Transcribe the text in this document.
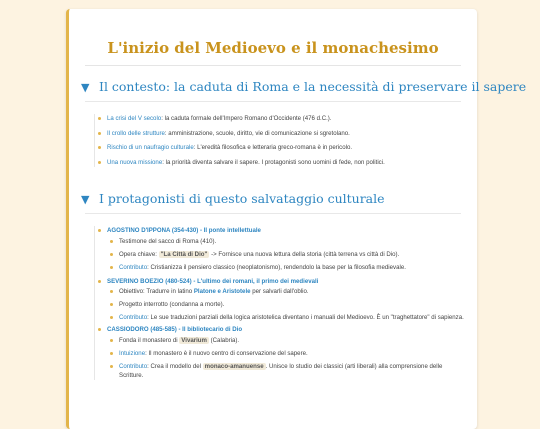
L'inizio del Medioevo e il monachesimo
▼ Il contesto: la caduta di Roma e la necessità di preservare il sapere
La crisi del V secolo: la caduta formale dell'Impero Romano d'Occidente (476 d.C.).
Il crollo delle strutture: amministrazione, scuole, diritto, vie di comunicazione si sgretolano.
Rischio di un naufragio culturale: L'eredità filosofica e letteraria greco-romana è in pericolo.
Una nuova missione: la priorità diventa salvare il sapere. I protagonisti sono uomini di fede, non politici.
▼ I protagonisti di questo salvataggio culturale
AGOSTINO D'IPPONA (354-430) - Il ponte intellettuale
Testimone del sacco di Roma (410).
Opera chiave: "La Città di Dio" -> Fornisce una nuova lettura della storia (città terrena vs città di Dio).
Contributo: Cristianizza il pensiero classico (neoplatonismo), rendendolo la base per la filosofia medievale.
SEVERINO BOEZIO (480-524) - L'ultimo dei romani, il primo dei medievali
Obiettivo: Tradurre in latino Platone e Aristotele per salvarli dall'oblio.
Progetto interrotto (condanna a morte).
Contributo: Le sue traduzioni parziali della logica aristotelica diventano i manuali del Medioevo. È un "traghettatore" di sapienza.
CASSIODORO (485-585) - Il bibliotecario di Dio
Fonda il monastero di Vivarium (Calabria).
Intuizione: Il monastero è il nuovo centro di conservazione del sapere.
Contributo: Crea il modello del monaco-amanuense . Unisce lo studio dei classici (arti liberali) alla comprensione delle Scritture.
